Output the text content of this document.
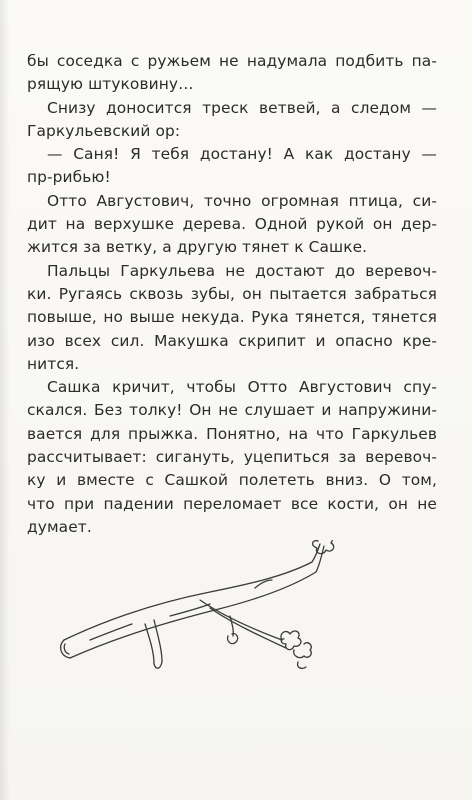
бы соседка с ружьем не надумала подбить па-
рящую штуковину…
Снизу доносится треск ветвей, а следом —
Гаркульевский ор:
— Саня! Я тебя достану! А как достану —
пр-рибью!
Отто Августович, точно огромная птица, си-
дит на верхушке дерева. Одной рукой он дер-
жится за ветку, а другую тянет к Сашке.
Пальцы Гаркульева не достают до веревоч-
ки. Ругаясь сквозь зубы, он пытается забраться
повыше, но выше некуда. Рука тянется, тянется
изо всех сил. Макушка скрипит и опасно кре-
нится.
Сашка кричит, чтобы Отто Августович спу-
скался. Без толку! Он не слушает и напружини-
вается для прыжка. Понятно, на что Гаркульев
рассчитывает: сигануть, уцепиться за веревоч-
ку и вместе с Сашкой полететь вниз. О том,
что при падении переломает все кости, он не
думает.
